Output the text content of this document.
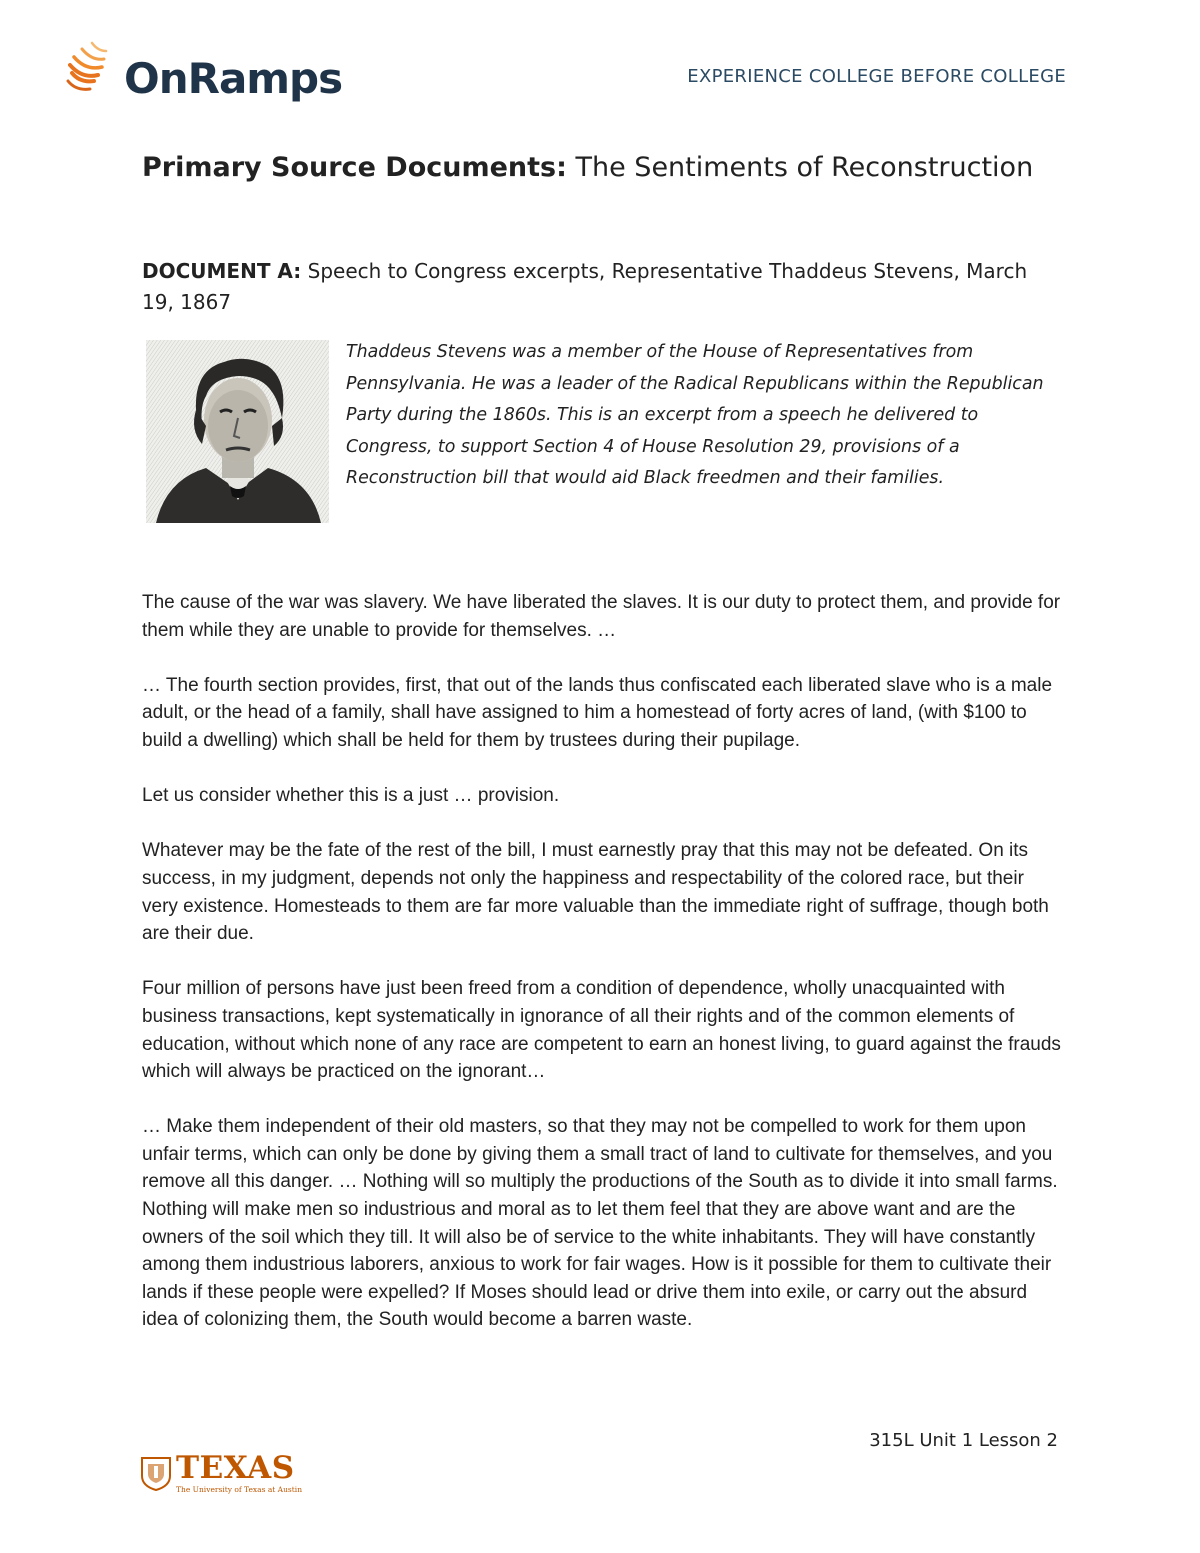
OnRamps	EXPERIENCE COLLEGE BEFORE COLLEGE
Primary Source Documents: The Sentiments of Reconstruction
DOCUMENT A: Speech to Congress excerpts, Representative Thaddeus Stevens, March 19, 1867
Thaddeus Stevens was a member of the House of Representatives from Pennsylvania. He was a leader of the Radical Republicans within the Republican Party during the 1860s. This is an excerpt from a speech he delivered to Congress, to support Section 4 of House Resolution 29, provisions of a Reconstruction bill that would aid Black freedmen and their families.

The cause of the war was slavery. We have liberated the slaves. It is our duty to protect them, and provide for them while they are unable to provide for themselves. …

… The fourth section provides, first, that out of the lands thus confiscated each liberated slave who is a male adult, or the head of a family, shall have assigned to him a homestead of forty acres of land, (with $100 to build a dwelling) which shall be held for them by trustees during their pupilage.

Let us consider whether this is a just … provision.

Whatever may be the fate of the rest of the bill, I must earnestly pray that this may not be defeated. On its success, in my judgment, depends not only the happiness and respectability of the colored race, but their very existence. Homesteads to them are far more valuable than the immediate right of suffrage, though both are their due.

Four million of persons have just been freed from a condition of dependence, wholly unacquainted with business transactions, kept systematically in ignorance of all their rights and of the common elements of education, without which none of any race are competent to earn an honest living, to guard against the frauds which will always be practiced on the ignorant…

… Make them independent of their old masters, so that they may not be compelled to work for them upon unfair terms, which can only be done by giving them a small tract of land to cultivate for themselves, and you remove all this danger. … Nothing will so multiply the productions of the South as to divide it into small farms. Nothing will make men so industrious and moral as to let them feel that they are above want and are the owners of the soil which they till. It will also be of service to the white inhabitants. They will have constantly among them industrious laborers, anxious to work for fair wages. How is it possible for them to cultivate their lands if these people were expelled? If Moses should lead or drive them into exile, or carry out the absurd idea of colonizing them, the South would become a barren waste.

315L Unit 1 Lesson 2
TEXAS
The University of Texas at Austin
